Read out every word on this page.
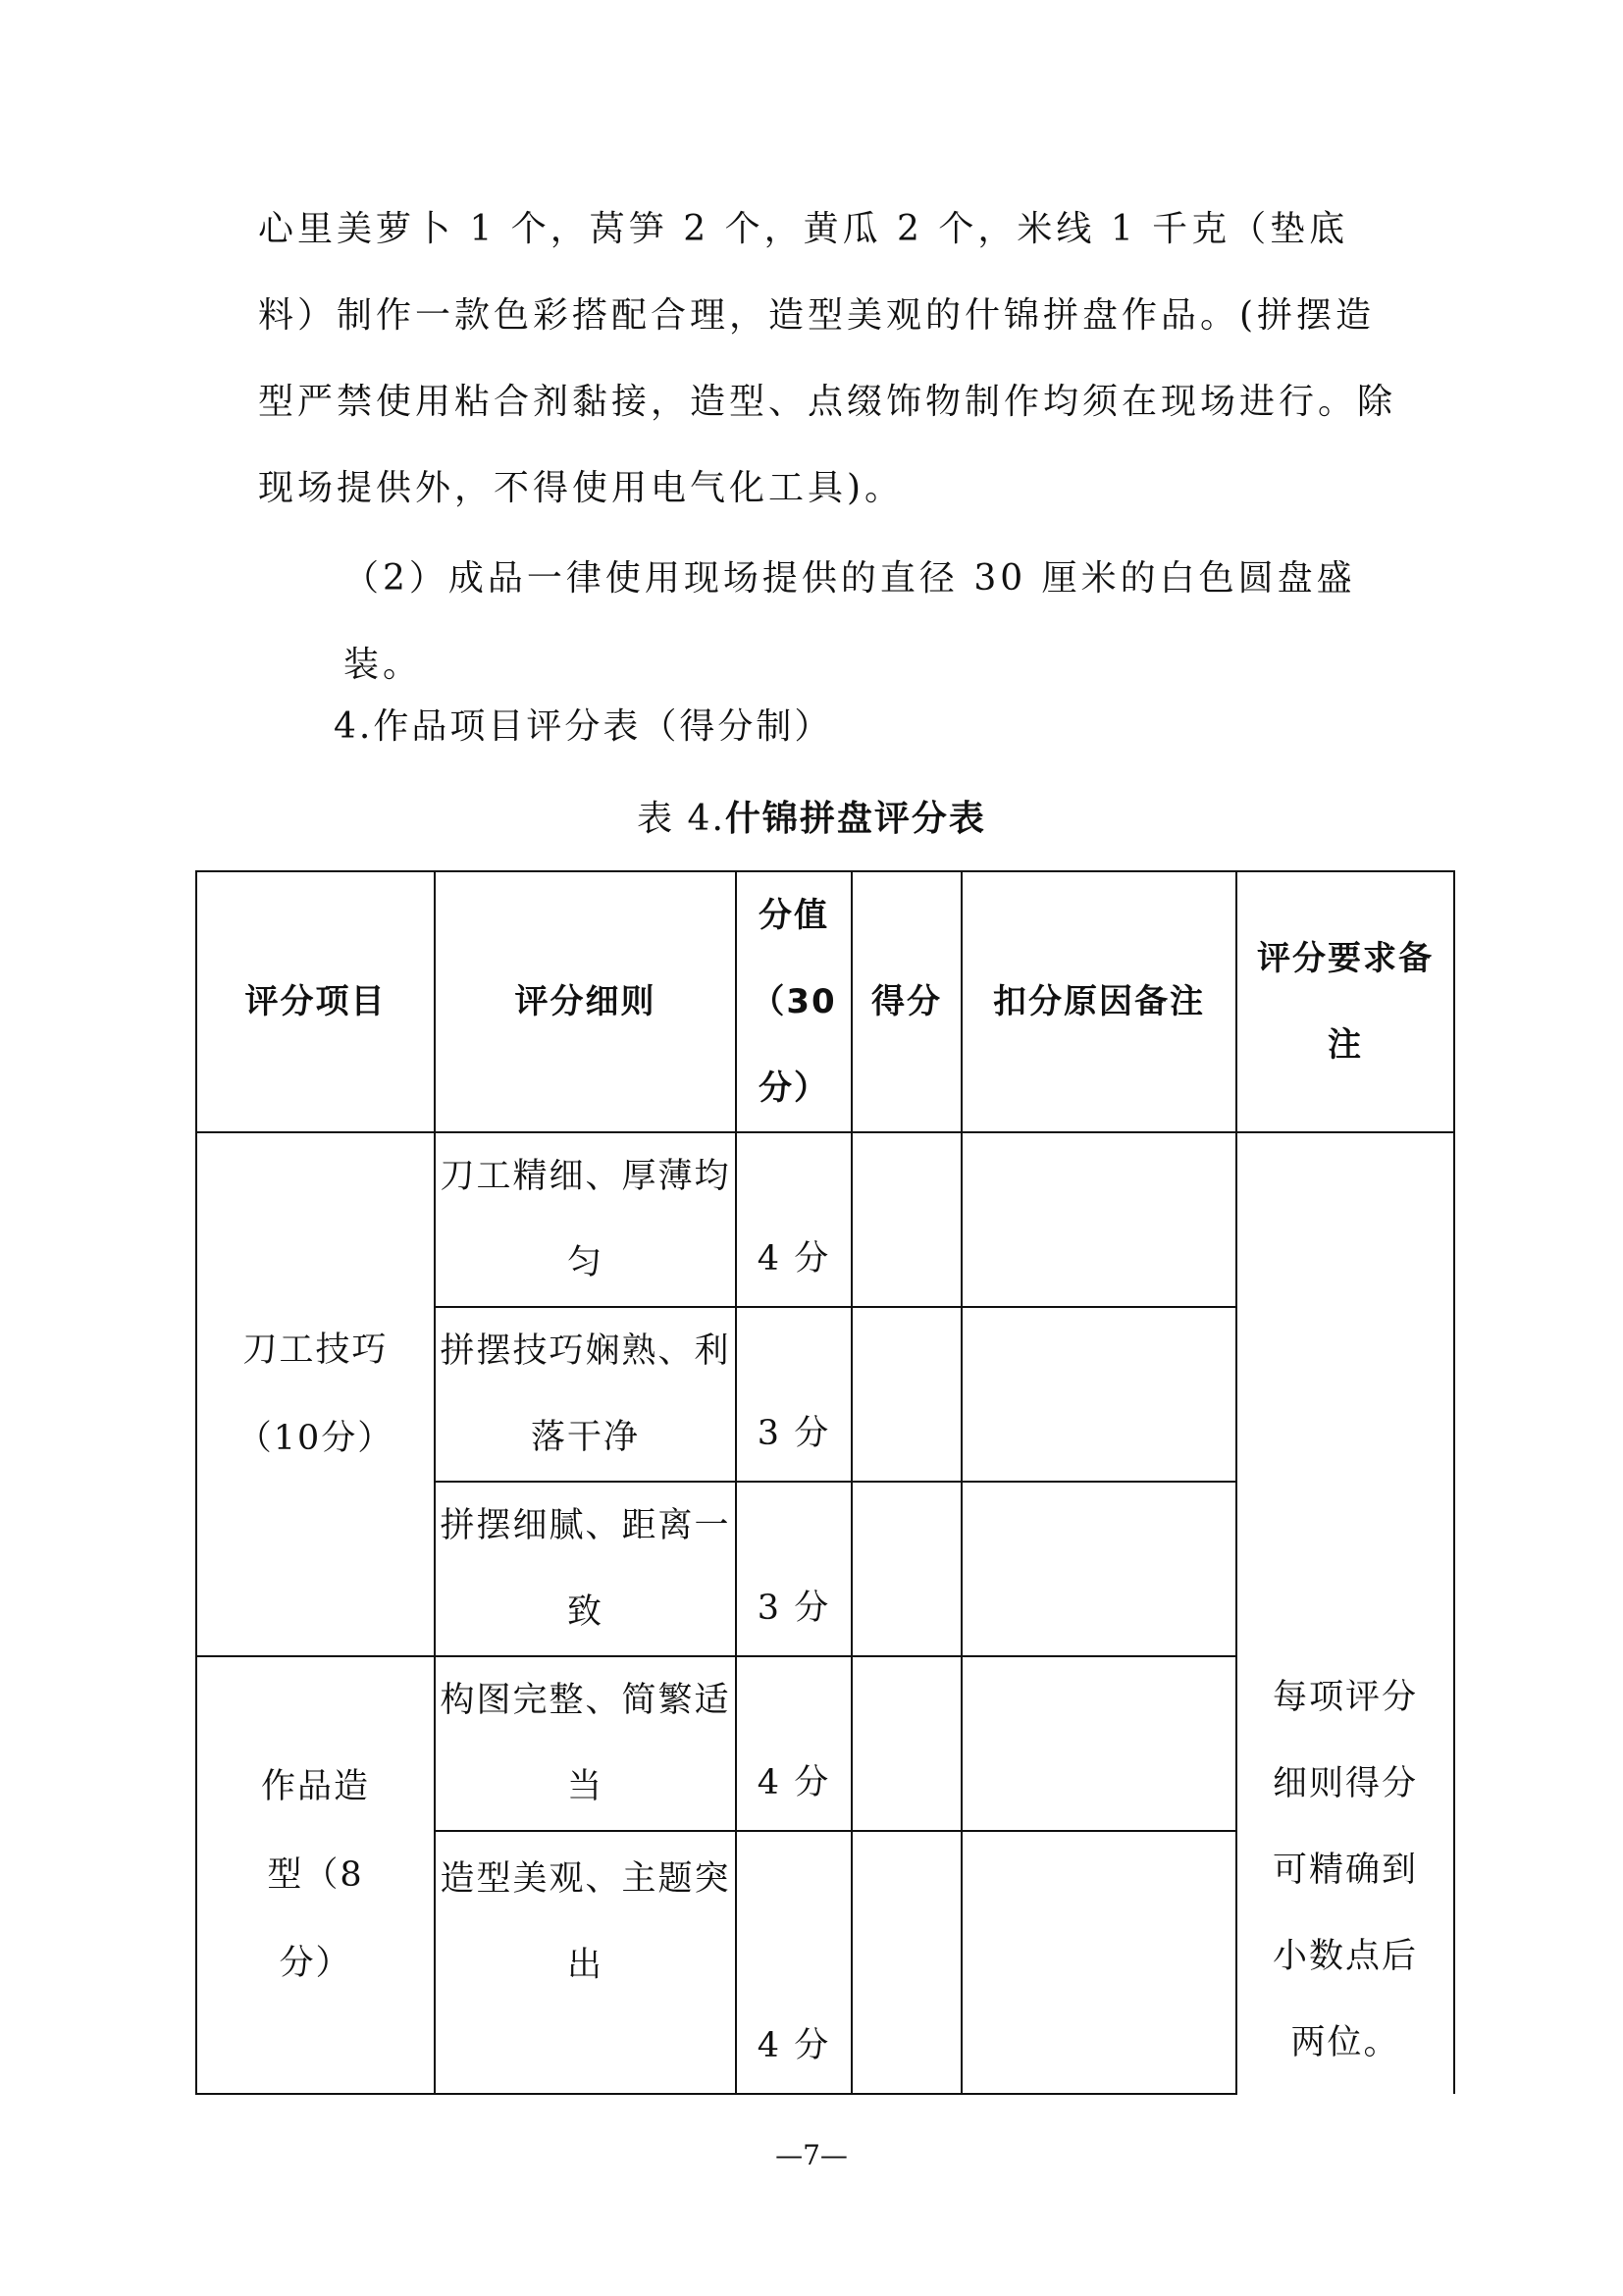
心里美萝卜 1 个，莴笋 2 个，黄瓜 2 个，米线 1 千克（垫底料）制作一款色彩搭配合理，造型美观的什锦拼盘作品。(拼摆造型严禁使用粘合剂黏接，造型、点缀饰物制作均须在现场进行。除现场提供外，不得使用电气化工具)。

（2）成品一律使用现场提供的直径 30 厘米的白色圆盘盛装。

4.作品项目评分表（得分制）
表 4.什锦拼盘评分表
评分项目	评分细则	分值（30分）	得分	扣分原因备注	评分要求备注
刀工技巧（10分）	刀工精细、厚薄均匀	4 分			每项评分细则得分可精确到小数点后两位。

	拼摆技巧娴熟、利落干净	3 分			

	拼摆细腻、距离一致	3 分			

作品造型（8分）	构图完整、简繁适当	4 分			

	造型美观、主题突出	4 分			

—7—
